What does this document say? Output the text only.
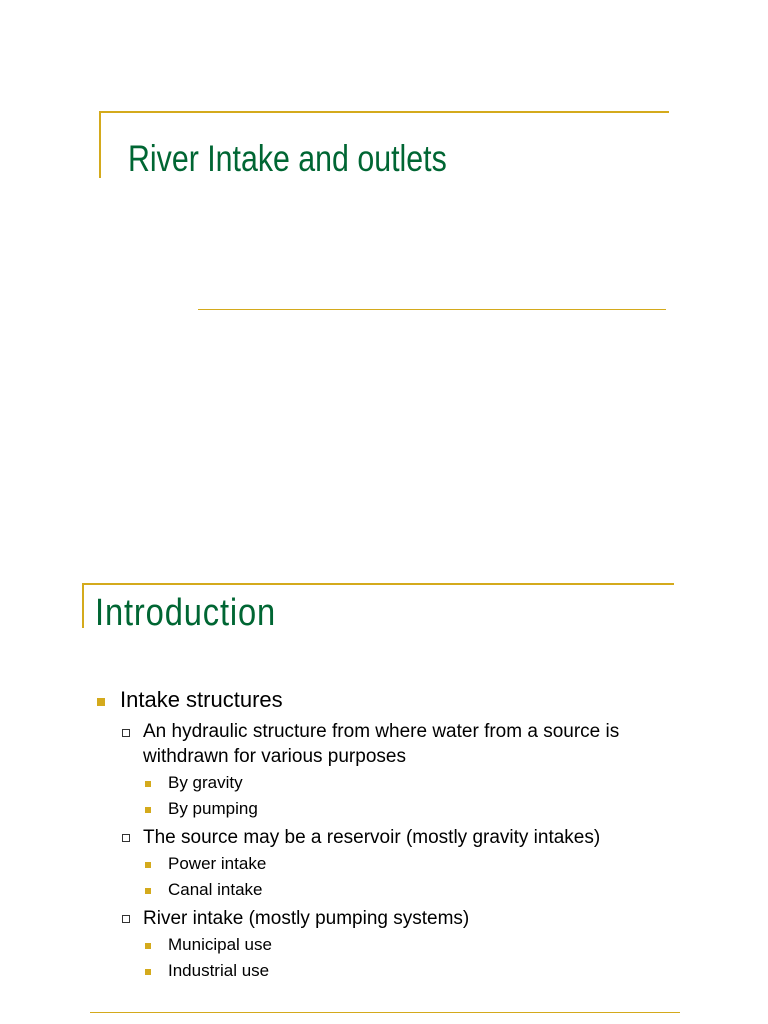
River Intake and outlets
Introduction
Intake structures
An hydraulic structure from where water from a source is withdrawn for various purposes
By gravity
By pumping
The source may be a reservoir (mostly gravity intakes)
Power intake
Canal intake
River intake (mostly pumping systems)
Municipal use
Industrial use
